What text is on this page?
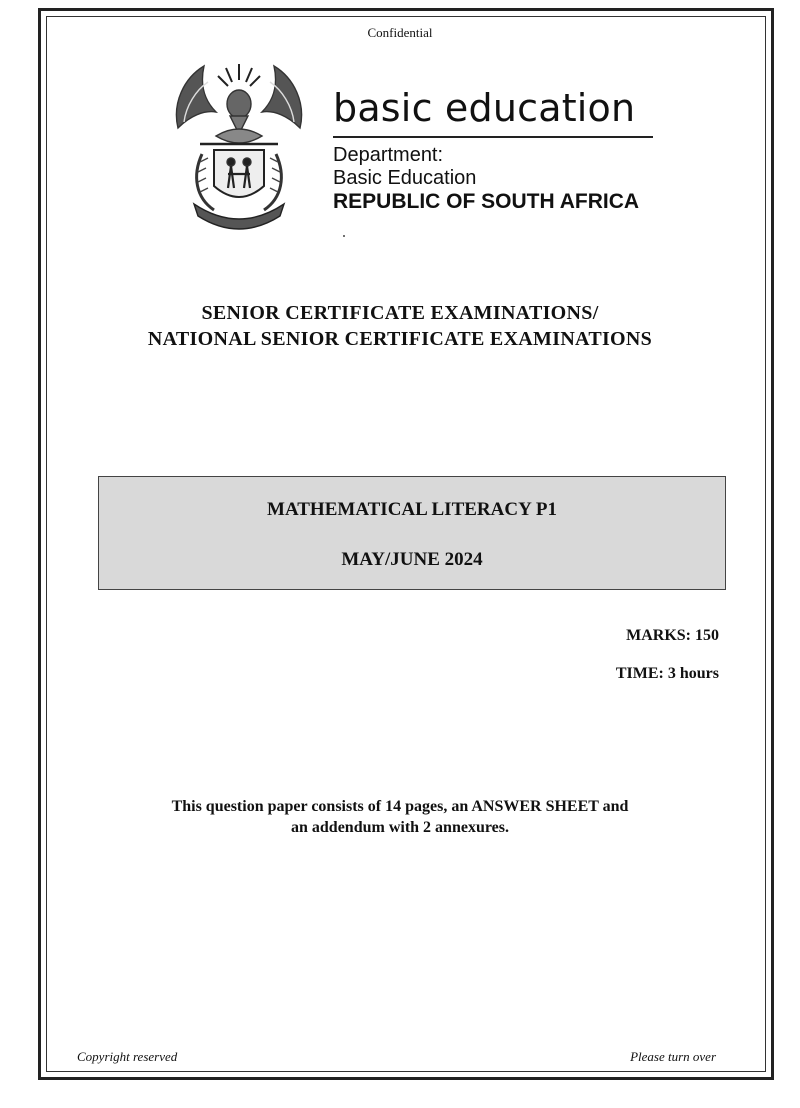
Confidential
basic education
Department:
Basic Education
REPUBLIC OF SOUTH AFRICA
SENIOR CERTIFICATE EXAMINATIONS/
NATIONAL SENIOR CERTIFICATE EXAMINATIONS
MATHEMATICAL LITERACY P1
MAY/JUNE 2024
MARKS: 150
TIME: 3 hours
This question paper consists of 14 pages, an ANSWER SHEET and
an addendum with 2 annexures.
Copyright reserved	Please turn over
